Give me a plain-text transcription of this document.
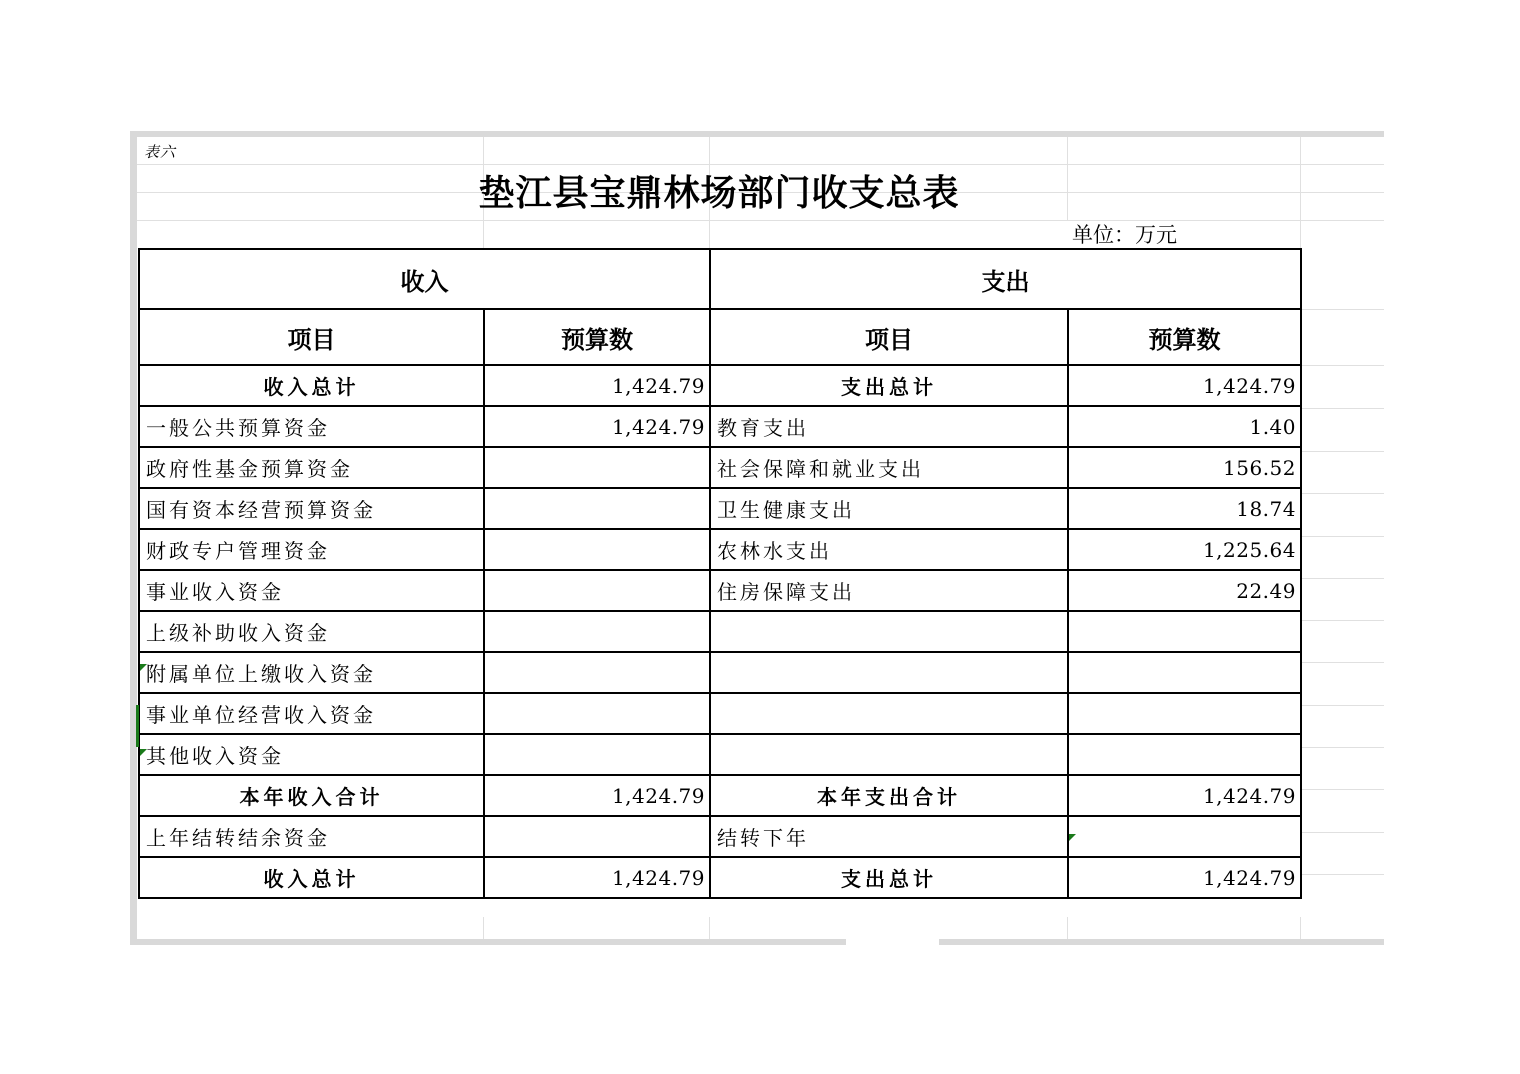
表六
垫江县宝鼎林场部门收支总表
单位：万元
收入		支出	
项目	预算数	项目	预算数
收入总计	1,424.79	支出总计	1,424.79
一般公共预算资金	1,424.79	教育支出	1.40
政府性基金预算资金		社会保障和就业支出	156.52
国有资本经营预算资金		卫生健康支出	18.74
财政专户管理资金		农林水支出	1,225.64
事业收入资金		住房保障支出	22.49
上级补助收入资金			
附属单位上缴收入资金			
事业单位经营收入资金			
其他收入资金			
本年收入合计	1,424.79	本年支出合计	1,424.79
上年结转结余资金		结转下年	
收入总计	1,424.79	支出总计	1,424.79
